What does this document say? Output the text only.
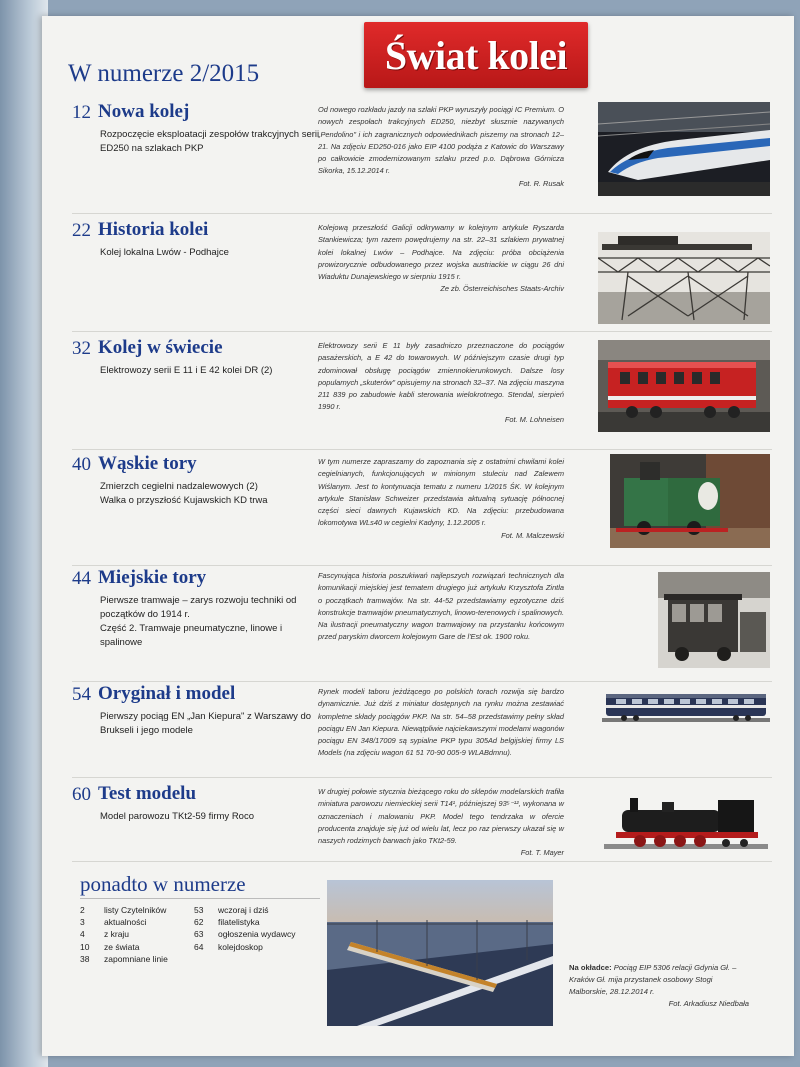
Świat kolei
W numerze 2/2015
12 Nowa kolej
Rozpoczęcie eksploatacji zespołów trakcyjnych serii ED250 na szlakach PKP
Od nowego rozkładu jazdy na szlaki PKP wyruszyły pociągi IC Premium. O nowych zespołach trakcyjnych ED250, niezbyt słusznie nazywanych „Pendolino" i ich zagranicznych odpowiednikach piszemy na stronach 12–21. Na zdjęciu ED250-016 jako EIP 4100 podąża z Katowic do Warszawy po całkowicie zmodernizowanym szlaku przed p.o. Dąbrowa Górnicza Sikorka, 15.12.2014 r.
Fot. R. Rusak
22 Historia kolei
Kolej lokalna Lwów - Podhajce
Kolejową przeszłość Galicji odkrywamy w kolejnym artykule Ryszarda Stankiewicza; tym razem powędrujemy na str. 22–31 szlakiem prywatnej kolei lokalnej Lwów – Podhajce. Na zdjęciu: próba obciążenia prowizorycznie odbudowanego przez wojska austriackie w ciągu 26 dni Wiaduktu Dunajewskiego w sierpniu 1915 r.
Ze zb. Österreichisches Staats-Archiv
32 Kolej w świecie
Elektrowozy serii E 11 i E 42 kolei DR (2)
Elektrowozy serii E 11 były zasadniczo przeznaczone do pociągów pasażerskich, a E 42 do towarowych. W późniejszym czasie drugi typ zdominował obsługę pociągów zmiennokierunkowych. Dalsze losy popularnych „skuterów" opisujemy na stronach 32–37. Na zdjęciu maszyna 211 839 po zabudowie kabli sterowania wielokrotnego. Stendal, sierpień 1990 r.
Fot. M. Lohneisen
40 Wąskie tory
Zmierzch cegielni nadzalewowych (2)
Walka o przyszłość Kujawskich KD trwa
W tym numerze zapraszamy do zapoznania się z ostatnimi chwilami kolei cegielnianych, funkcjonujących w minionym stuleciu nad Zalewem Wiślanym. Jest to kontynuacja tematu z numeru 1/2015 ŚK. W kolejnym artykule Stanisław Schweizer przedstawia aktualną sytuację północnej części sieci dawnych Kujawskich KD. Na zdjęciu: przebudowana lokomotywa WLs40 w cegielni Kadyny, 1.12.2005 r.
Fot. M. Malczewski
44 Miejskie tory
Pierwsze tramwaje – zarys rozwoju techniki od początków do 1914 r.
Część 2. Tramwaje pneumatyczne, linowe i spalinowe
Fascynująca historia poszukiwań najlepszych rozwiązań technicznych dla komunikacji miejskiej jest tematem drugiego już artykułu Krzysztofa Zintla o początkach tramwajów. Na str. 44-52 przedstawiamy egzotyczne dziś konstrukcje tramwajów pneumatycznych, linowo-terenowych i spalinowych. Na ilustracji pneumatyczny wagon tramwajowy na przystanku końcowym przed paryskim dworcem kolejowym Gare de l'Est ok. 1900 roku.
54 Oryginał i model
Pierwszy pociąg EN „Jan Kiepura" z Warszawy do Brukseli i jego modele
Rynek modeli taboru jeżdżącego po polskich torach rozwija się bardzo dynamicznie. Już dziś z miniatur dostępnych na rynku można zestawiać kompletne składy pociągów PKP. Na str. 54–58 przedstawimy pełny skład pociągu EN Jan Kiepura. Niewątpliwie najciekawszymi modelami wagonów pociągu EN 348/17009 są sypialne PKP typu 305Ad belgijskiej firmy LS Models (na zdjęciu wagon 61 51 70-90 005-9 WLABdmnu).
60 Test modelu
Model parowozu TKt2-59 firmy Roco
W drugiej połowie stycznia bieżącego roku do sklepów modelarskich trafiła miniatura parowozu niemieckiej serii T14¹, późniejszej 93⁵⁻¹², wykonana w oznaczeniach i malowaniu PKP. Model tego tendrzaka w ofercie producenta znajduje się już od wielu lat, lecz po raz pierwszy ukazał się w naszych rodzimych barwach jako TKt2-59.
Fot. T. Mayer
ponadto w numerze
2	listy Czytelników
3	aktualności
4	z kraju
10	ze świata
38	zapomniane linie
53	wczoraj i dziś
62	filatelistyka
63	ogłoszenia wydawcy
64	kolejdoskop
Na okładce: Pociąg EIP 5306 relacji Gdynia Gł. – Kraków Gł. mija przystanek osobowy Stogi Malborskie, 28.12.2014 r.
Fot. Arkadiusz Niedbała
